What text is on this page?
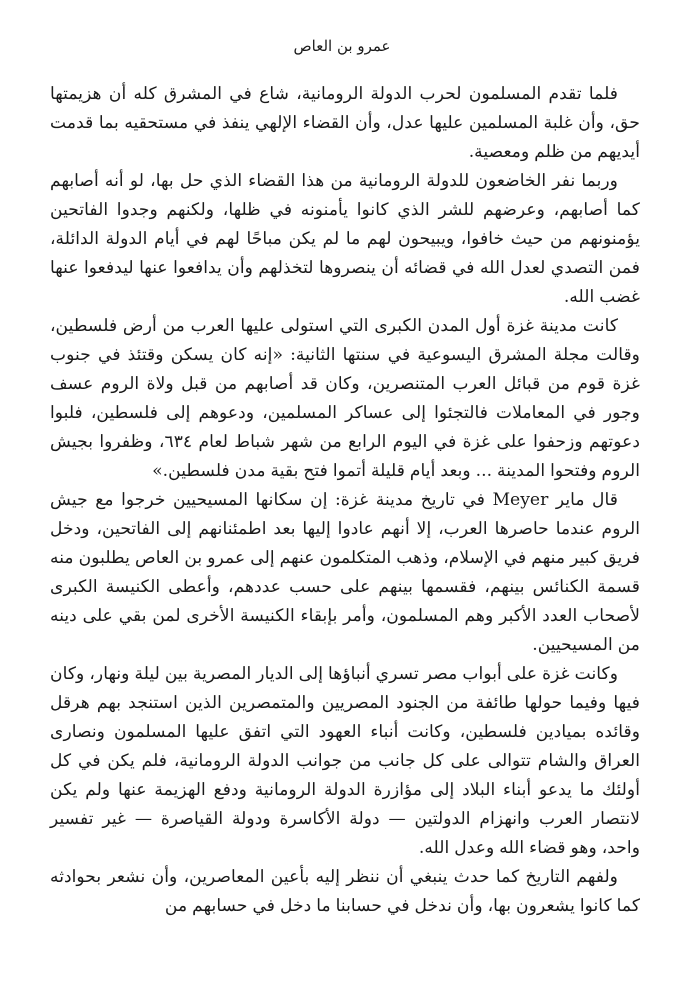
عمرو بن العاص

فلما تقدم المسلمون لحرب الدولة الرومانية، شاع في المشرق كله أن هزيمتها حق، وأن غلبة المسلمين عليها عدل، وأن القضاء الإلهي ينفذ في مستحقيه بما قدمت أيديهم من ظلم ومعصية.

وربما نفر الخاضعون للدولة الرومانية من هذا القضاء الذي حل بها، لو أنه أصابهم كما أصابهم، وعرضهم للشر الذي كانوا يأمنونه في ظلها، ولكنهم وجدوا الفاتحين يؤمنونهم من حيث خافوا، ويبيحون لهم ما لم يكن مباحًا لهم في أيام الدولة الدائلة، فمن التصدي لعدل الله في قضائه أن ينصروها لتخذلهم وأن يدافعوا عنها ليدفعوا عنها غضب الله.

كانت مدينة غزة أول المدن الكبرى التي استولى عليها العرب من أرض فلسطين، وقالت مجلة المشرق اليسوعية في سنتها الثانية: «إنه كان يسكن وقتئذ في جنوب غزة قوم من قبائل العرب المتنصرين، وكان قد أصابهم من قبل ولاة الروم عسف وجور في المعاملات فالتجئوا إلى عساكر المسلمين، ودعوهم إلى فلسطين، فلبوا دعوتهم وزحفوا على غزة في اليوم الرابع من شهر شباط لعام ٦٣٤، وظفروا بجيش الروم وفتحوا المدينة ... وبعد أيام قليلة أتموا فتح بقية مدن فلسطين.»

قال ماير Meyer في تاريخ مدينة غزة: إن سكانها المسيحيين خرجوا مع جيش الروم عندما حاصرها العرب، إلا أنهم عادوا إليها بعد اطمئنانهم إلى الفاتحين، ودخل فريق كبير منهم في الإسلام، وذهب المتكلمون عنهم إلى عمرو بن العاص يطلبون منه قسمة الكنائس بينهم، فقسمها بينهم على حسب عددهم، وأعطى الكنيسة الكبرى لأصحاب العدد الأكبر وهم المسلمون، وأمر بإبقاء الكنيسة الأخرى لمن بقي على دينه من المسيحيين.

وكانت غزة على أبواب مصر تسري أنباؤها إلى الديار المصرية بين ليلة ونهار، وكان فيها وفيما حولها طائفة من الجنود المصريين والمتمصرين الذين استنجد بهم هرقل وقائده بميادين فلسطين، وكانت أنباء العهود التي اتفق عليها المسلمون ونصارى العراق والشام تتوالى على كل جانب من جوانب الدولة الرومانية، فلم يكن في كل أولئك ما يدعو أبناء البلاد إلى مؤازرة الدولة الرومانية ودفع الهزيمة عنها ولم يكن لانتصار العرب وانهزام الدولتين — دولة الأكاسرة ودولة القياصرة — غير تفسير واحد، وهو قضاء الله وعدل الله.

ولفهم التاريخ كما حدث ينبغي أن ننظر إليه بأعين المعاصرين، وأن نشعر بحوادثه كما كانوا يشعرون بها، وأن ندخل في حسابنا ما دخل في حسابهم من
